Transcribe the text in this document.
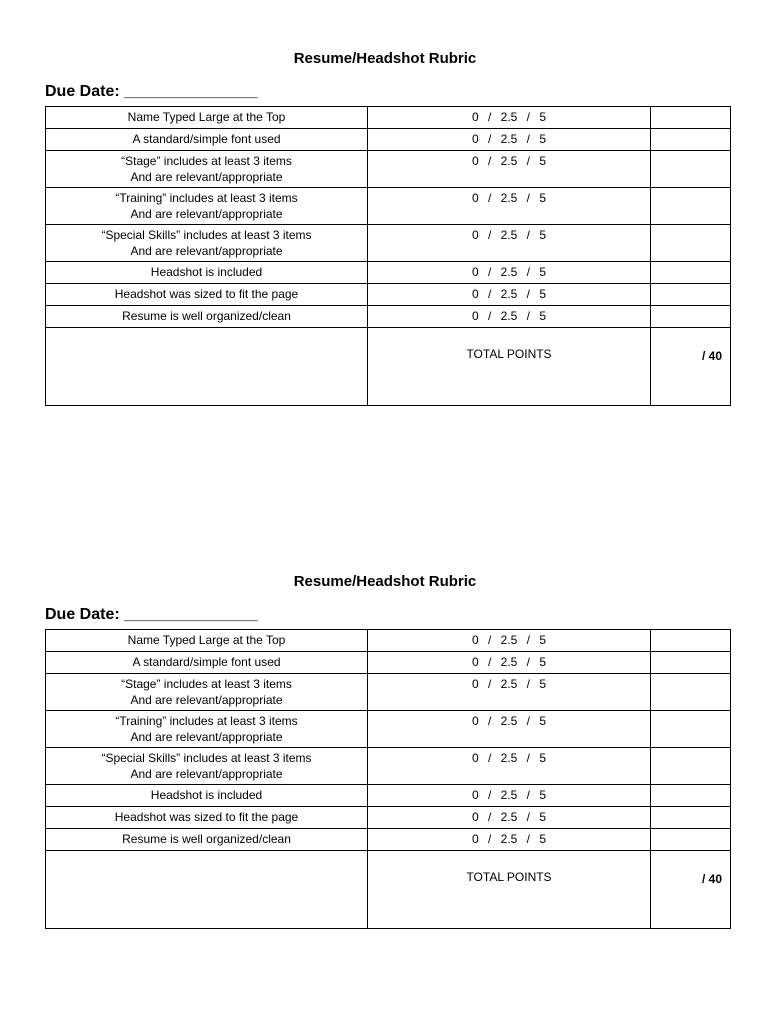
Resume/Headshot Rubric
Due Date: _______________
Name Typed Large at the Top	0 / 2.5 / 5	

A standard/simple font used	0 / 2.5 / 5	

“Stage” includes at least 3 items
And are relevant/appropriate	0 / 2.5 / 5	

“Training” includes at least 3 items
And are relevant/appropriate	0 / 2.5 / 5	

“Special Skills” includes at least 3 items
And are relevant/appropriate	0 / 2.5 / 5	

Headshot is included	0 / 2.5 / 5	

Headshot was sized to fit the page	0 / 2.5 / 5	

Resume is well organized/clean	0 / 2.5 / 5	

	TOTAL POINTS	/ 40
Resume/Headshot Rubric
Due Date: _______________
Name Typed Large at the Top	0 / 2.5 / 5	

A standard/simple font used	0 / 2.5 / 5	

“Stage” includes at least 3 items
And are relevant/appropriate	0 / 2.5 / 5	

“Training” includes at least 3 items
And are relevant/appropriate	0 / 2.5 / 5	

“Special Skills” includes at least 3 items
And are relevant/appropriate	0 / 2.5 / 5	

Headshot is included	0 / 2.5 / 5	

Headshot was sized to fit the page	0 / 2.5 / 5	

Resume is well organized/clean	0 / 2.5 / 5	

	TOTAL POINTS	/ 40
